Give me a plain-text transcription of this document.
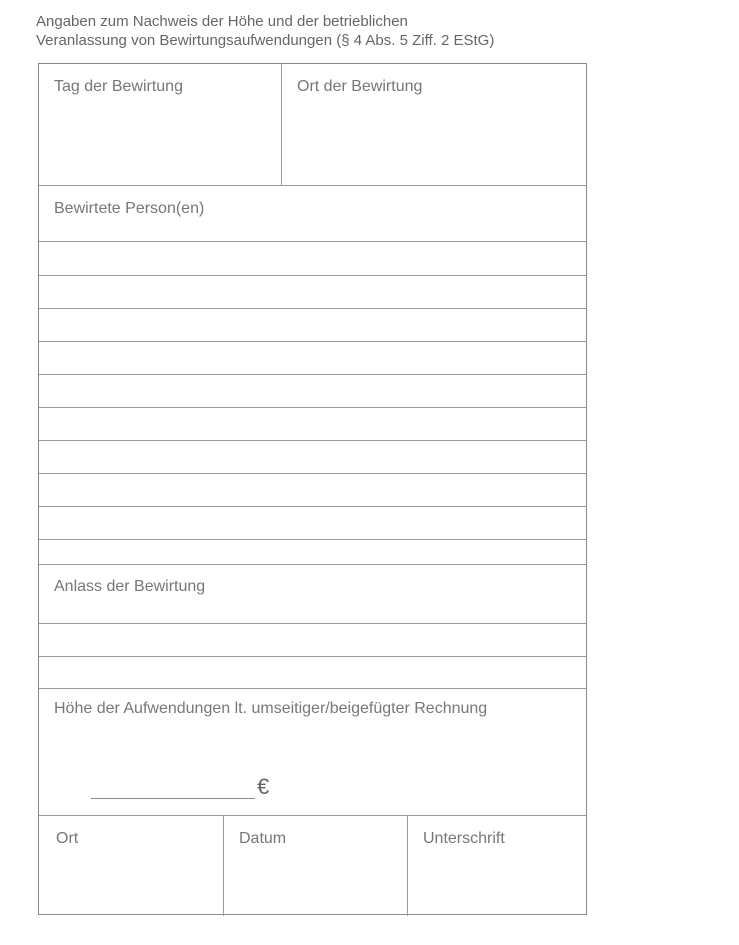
Angaben zum Nachweis der Höhe und der betrieblichen
Veranlassung von Bewirtungsaufwendungen (§ 4 Abs. 5 Ziff. 2 EStG)
Tag der Bewirtung	Ort der Bewirtung
Bewirtete Person(en)
Anlass der Bewirtung
Höhe der Aufwendungen lt. umseitiger/beigefügter Rechnung
€
Ort	Datum	Unterschrift
